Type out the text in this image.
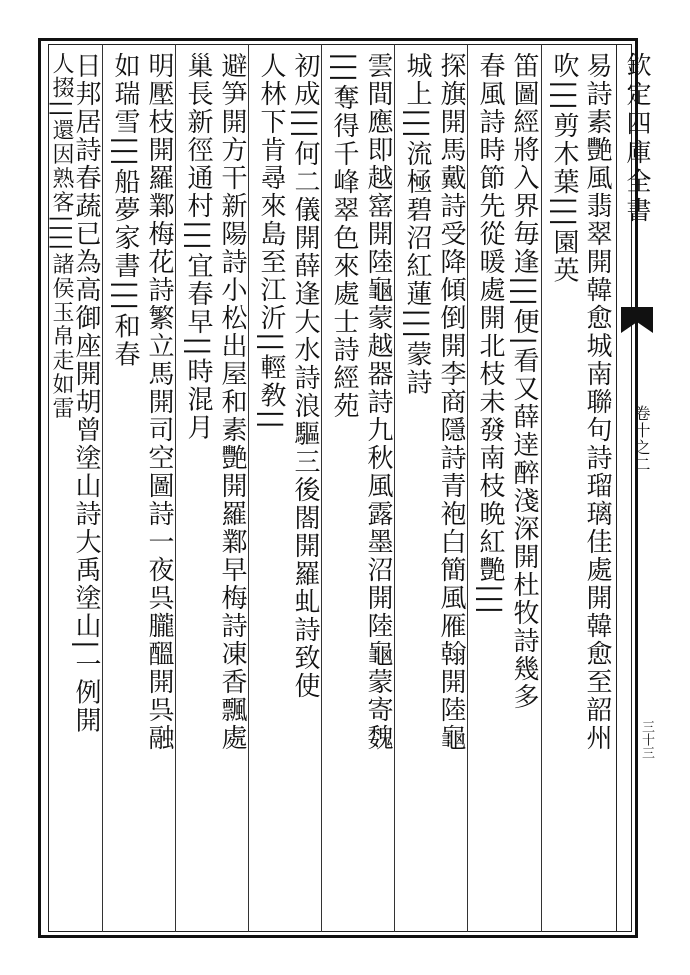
欽定四庫全書
卷十之二
三十三
易詩素艷風翡翠開韓愈城南聯句詩瑠璃佳處開韓愈至韶州
吹|||剪木葉|||園英
笛圖經將入界毎逢|||便|看又薛逹醉淺深開杜牧詩幾多
春風詩時節先從暖處開北枝未發南枝晩紅艷|||
探旗開馬戴詩受降傾倒開李商隱詩青袍白簡風雁翰開陸龜
城上|||流極碧沼紅蓮|||蒙詩
雲間應即越窰開陸龜蒙越器詩九秋風露墨沼開陸龜蒙寄魏
|||奪得千峰翠色來處士詩經苑
初成|||何二儀開薛逢大水詩浪驅三後閤開羅虬詩致使
人林下肯尋來島至江沂||輕敎||
避笋開方干新陽詩小松出屋和素艷開羅鄴早梅詩凍香飄處
巢長新徑通村|||宜春早||時混月
明壓枝開羅鄴梅花詩繁立馬開司空圖詩一夜呉朧醞開呉融
如瑞雪|||船夢家書|||和春
日邦居詩春蔬已為高御座開胡曾塗山詩大禹塗山|一例開
人掇||還因熟客||||諸侯玉帛走如雷
